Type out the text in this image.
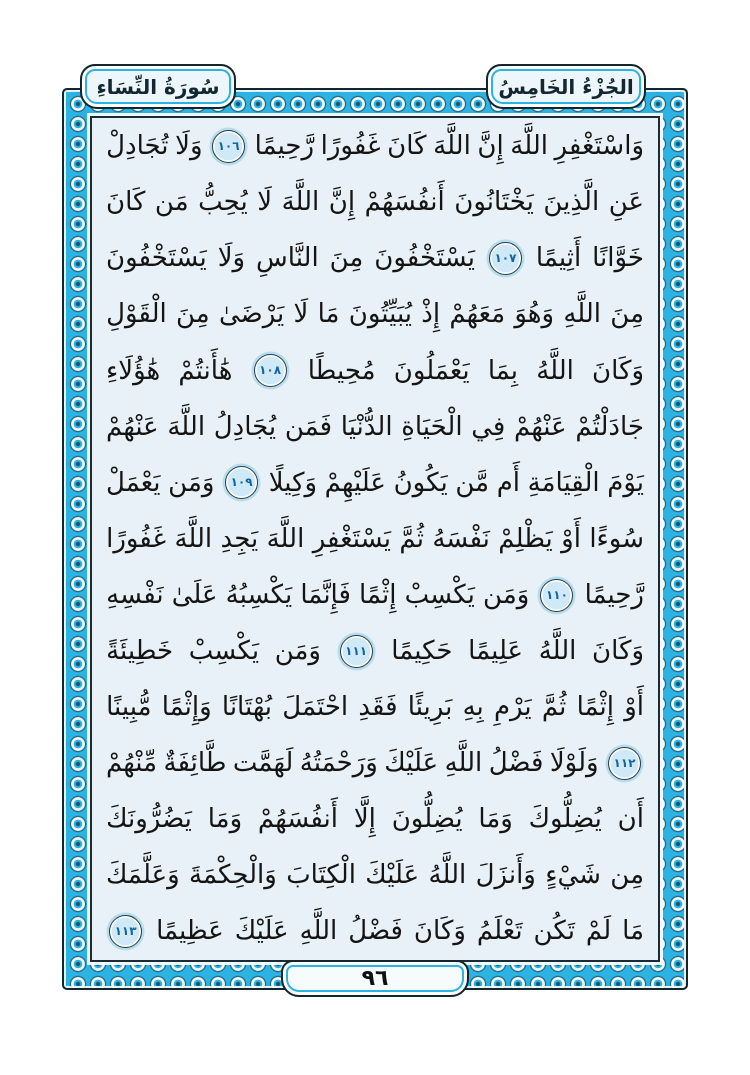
سُورَةُ النِّسَاءِ	الجُزْءُ الخَامِسُ
وَاسْتَغْفِرِ
اللَّهَ
إِنَّ
اللَّهَ
كَانَ
غَفُورًا
رَّحِيمًا
١٠٦
وَلَا
تُجَادِلْ
عَنِ
الَّذِينَ
يَخْتَانُونَ
أَنفُسَهُمْ
إِنَّ
اللَّهَ
لَا
يُحِبُّ
مَن
كَانَ
خَوَّانًا
أَثِيمًا
١٠٧
يَسْتَخْفُونَ
مِنَ
النَّاسِ
وَلَا
يَسْتَخْفُونَ
مِنَ
اللَّهِ
وَهُوَ
مَعَهُمْ
إِذْ
يُبَيِّتُونَ
مَا
لَا
يَرْضَىٰ
مِنَ
الْقَوْلِ
وَكَانَ
اللَّهُ
بِمَا
يَعْمَلُونَ
مُحِيطًا
١٠٨
هَٰأَنتُمْ
هَٰؤُلَاءِ
جَادَلْتُمْ
عَنْهُمْ
فِي
الْحَيَاةِ
الدُّنْيَا
فَمَن
يُجَادِلُ
اللَّهَ
عَنْهُمْ
يَوْمَ
الْقِيَامَةِ
أَم
مَّن
يَكُونُ
عَلَيْهِمْ
وَكِيلًا
١٠٩
وَمَن
يَعْمَلْ
سُوءًا
أَوْ
يَظْلِمْ
نَفْسَهُ
ثُمَّ
يَسْتَغْفِرِ
اللَّهَ
يَجِدِ
اللَّهَ
غَفُورًا
رَّحِيمًا
١١٠
وَمَن
يَكْسِبْ
إِثْمًا
فَإِنَّمَا
يَكْسِبُهُ
عَلَىٰ
نَفْسِهِ
وَكَانَ
اللَّهُ
عَلِيمًا
حَكِيمًا
١١١
وَمَن
يَكْسِبْ
خَطِيئَةً
أَوْ
إِثْمًا
ثُمَّ
يَرْمِ
بِهِ
بَرِيئًا
فَقَدِ
احْتَمَلَ
بُهْتَانًا
وَإِثْمًا
مُّبِينًا
١١٢
وَلَوْلَا
فَضْلُ
اللَّهِ
عَلَيْكَ
وَرَحْمَتُهُ
لَهَمَّت
طَّائِفَةٌ
مِّنْهُمْ
أَن
يُضِلُّوكَ
وَمَا
يُضِلُّونَ
إِلَّا
أَنفُسَهُمْ
وَمَا
يَضُرُّونَكَ
مِن
شَيْءٍ
وَأَنزَلَ
اللَّهُ
عَلَيْكَ
الْكِتَابَ
وَالْحِكْمَةَ
وَعَلَّمَكَ
مَا
لَمْ
تَكُن
تَعْلَمُ
وَكَانَ
فَضْلُ
اللَّهِ
عَلَيْكَ
عَظِيمًا
١١٣
٩٦
